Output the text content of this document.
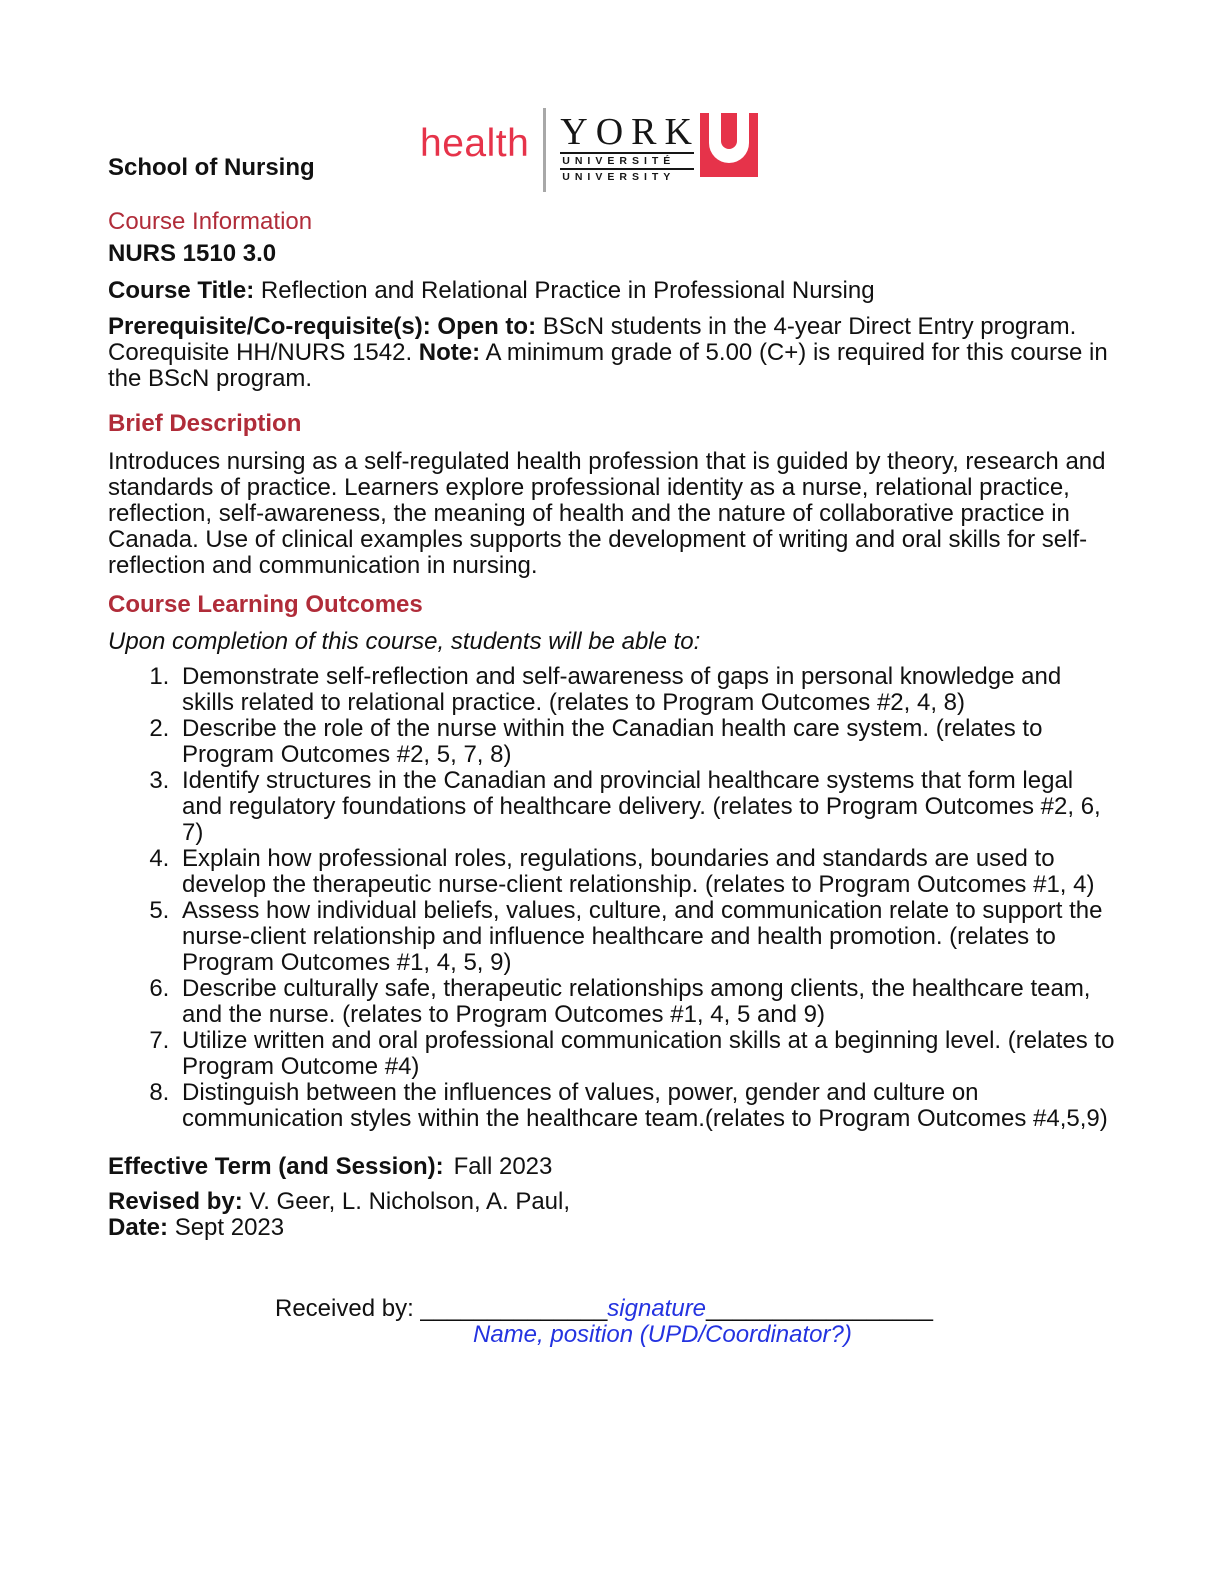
health YORK
UNIVERSITÉ
UNIVERSITY
School of Nursing
Course Information
NURS 1510 3.0
Course Title: Reflection and Relational Practice in Professional Nursing
Prerequisite/Co-requisite(s): Open to: BScN students in the 4-year Direct Entry program. Corequisite HH/NURS 1542. Note: A minimum grade of 5.00 (C+) is required for this course in the BScN program.
Brief Description
Introduces nursing as a self-regulated health profession that is guided by theory, research and standards of practice. Learners explore professional identity as a nurse, relational practice, reflection, self-awareness, the meaning of health and the nature of collaborative practice in Canada. Use of clinical examples supports the development of writing and oral skills for self-reflection and communication in nursing.
Course Learning Outcomes
Upon completion of this course, students will be able to:
1. Demonstrate self-reflection and self-awareness of gaps in personal knowledge and skills related to relational practice. (relates to Program Outcomes #2, 4, 8)
2. Describe the role of the nurse within the Canadian health care system. (relates to Program Outcomes #2, 5, 7, 8)
3. Identify structures in the Canadian and provincial healthcare systems that form legal and regulatory foundations of healthcare delivery. (relates to Program Outcomes #2, 6, 7)
4. Explain how professional roles, regulations, boundaries and standards are used to develop the therapeutic nurse-client relationship. (relates to Program Outcomes #1, 4)
5. Assess how individual beliefs, values, culture, and communication relate to support the nurse-client relationship and influence healthcare and health promotion. (relates to Program Outcomes #1, 4, 5, 9)
6. Describe culturally safe, therapeutic relationships among clients, the healthcare team, and the nurse. (relates to Program Outcomes #1, 4, 5 and 9)
7. Utilize written and oral professional communication skills at a beginning level. (relates to Program Outcome #4)
8. Distinguish between the influences of values, power, gender and culture on communication styles within the healthcare team.(relates to Program Outcomes #4,5,9)
Effective Term (and Session): Fall 2023
Revised by: V. Geer, L. Nicholson, A. Paul,
Date: Sept 2023
Received by: ______________signature_________________
Name, position (UPD/Coordinator?)
